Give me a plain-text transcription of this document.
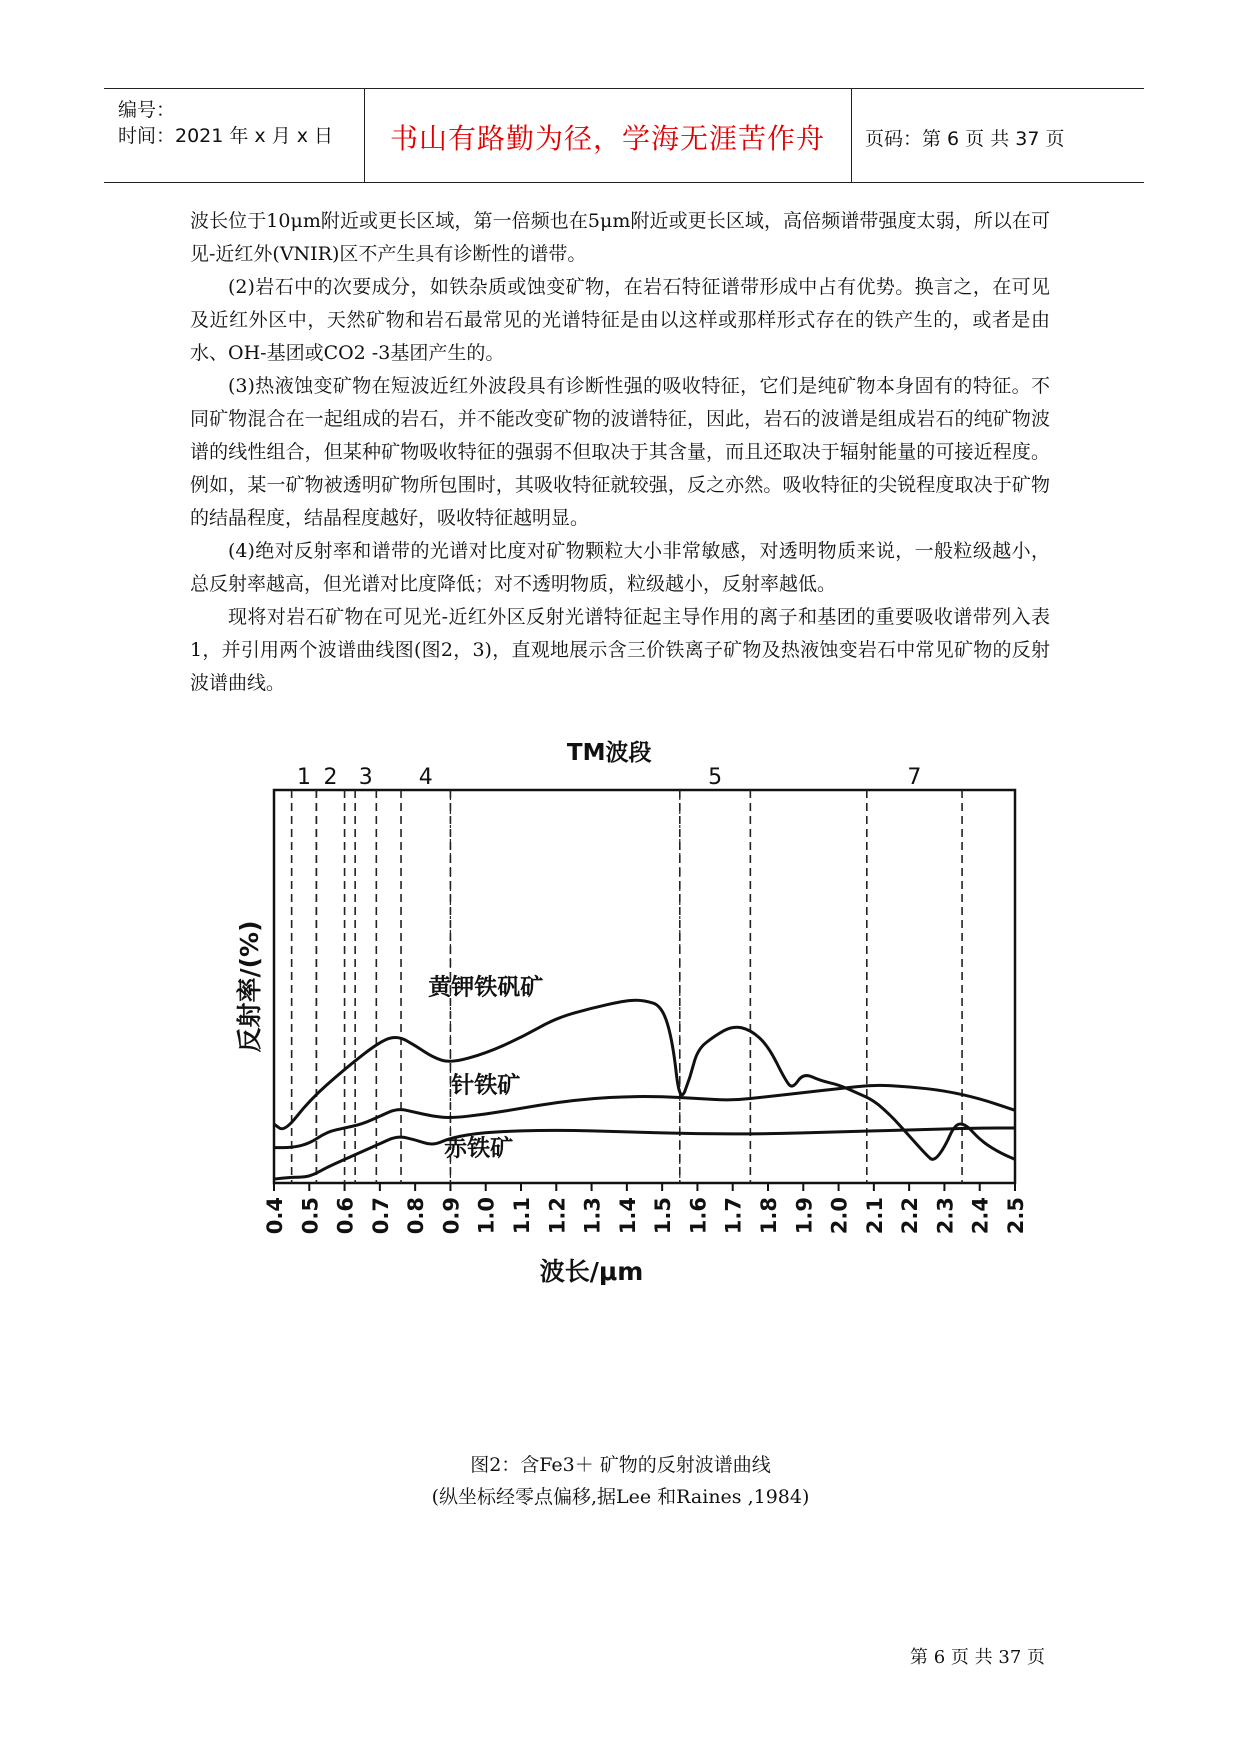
编号：
时间：2021 年 x 月 x 日	书山有路勤为径，学海无涯苦作舟	页码：第 6 页 共 37 页

波长位于10μm附近或更长区域，第一倍频也在5μm附近或更长区域，高倍频谱带强度太弱，所以在可见-近红外(VNIR)区不产生具有诊断性的谱带。

(2)岩石中的次要成分，如铁杂质或蚀变矿物，在岩石特征谱带形成中占有优势。换言之，在可见及近红外区中，天然矿物和岩石最常见的光谱特征是由以这样或那样形式存在的铁产生的，或者是由水、OH-基团或CO2 -3基团产生的。

(3)热液蚀变矿物在短波近红外波段具有诊断性强的吸收特征，它们是纯矿物本身固有的特征。不同矿物混合在一起组成的岩石，并不能改变矿物的波谱特征，因此，岩石的波谱是组成岩石的纯矿物波谱的线性组合，但某种矿物吸收特征的强弱不但取决于其含量，而且还取决于辐射能量的可接近程度。例如，某一矿物被透明矿物所包围时，其吸收特征就较强，反之亦然。吸收特征的尖锐程度取决于矿物的结晶程度，结晶程度越好，吸收特征越明显。

(4)绝对反射率和谱带的光谱对比度对矿物颗粒大小非常敏感，对透明物质来说，一般粒级越小，总反射率越高，但光谱对比度降低；对不透明物质，粒级越小，反射率越低。

现将对岩石矿物在可见光-近红外区反射光谱特征起主导作用的离子和基团的重要吸收谱带列入表1，并引用两个波谱曲线图(图2，3)，直观地展示含三价铁离子矿物及热液蚀变岩石中常见矿物的反射波谱曲线。

1 2 3 4	5	7
TM波段
0.4 0.5 0.6 0.7 0.8 0.9 1.0 1.1 1.2 1.3 1.4 1.5 1.6 1.7 1.8 1.9 2.0 2.1 2.2 2.3 2.4 2.5
波长/μm
反射率/(%)	黄钾铁矾矿
针铁矿
赤铁矿
图2：含Fe3＋ 矿物的反射波谱曲线
(纵坐标经零点偏移,据Lee 和Raines ,1984)
第 6 页 共 37 页
